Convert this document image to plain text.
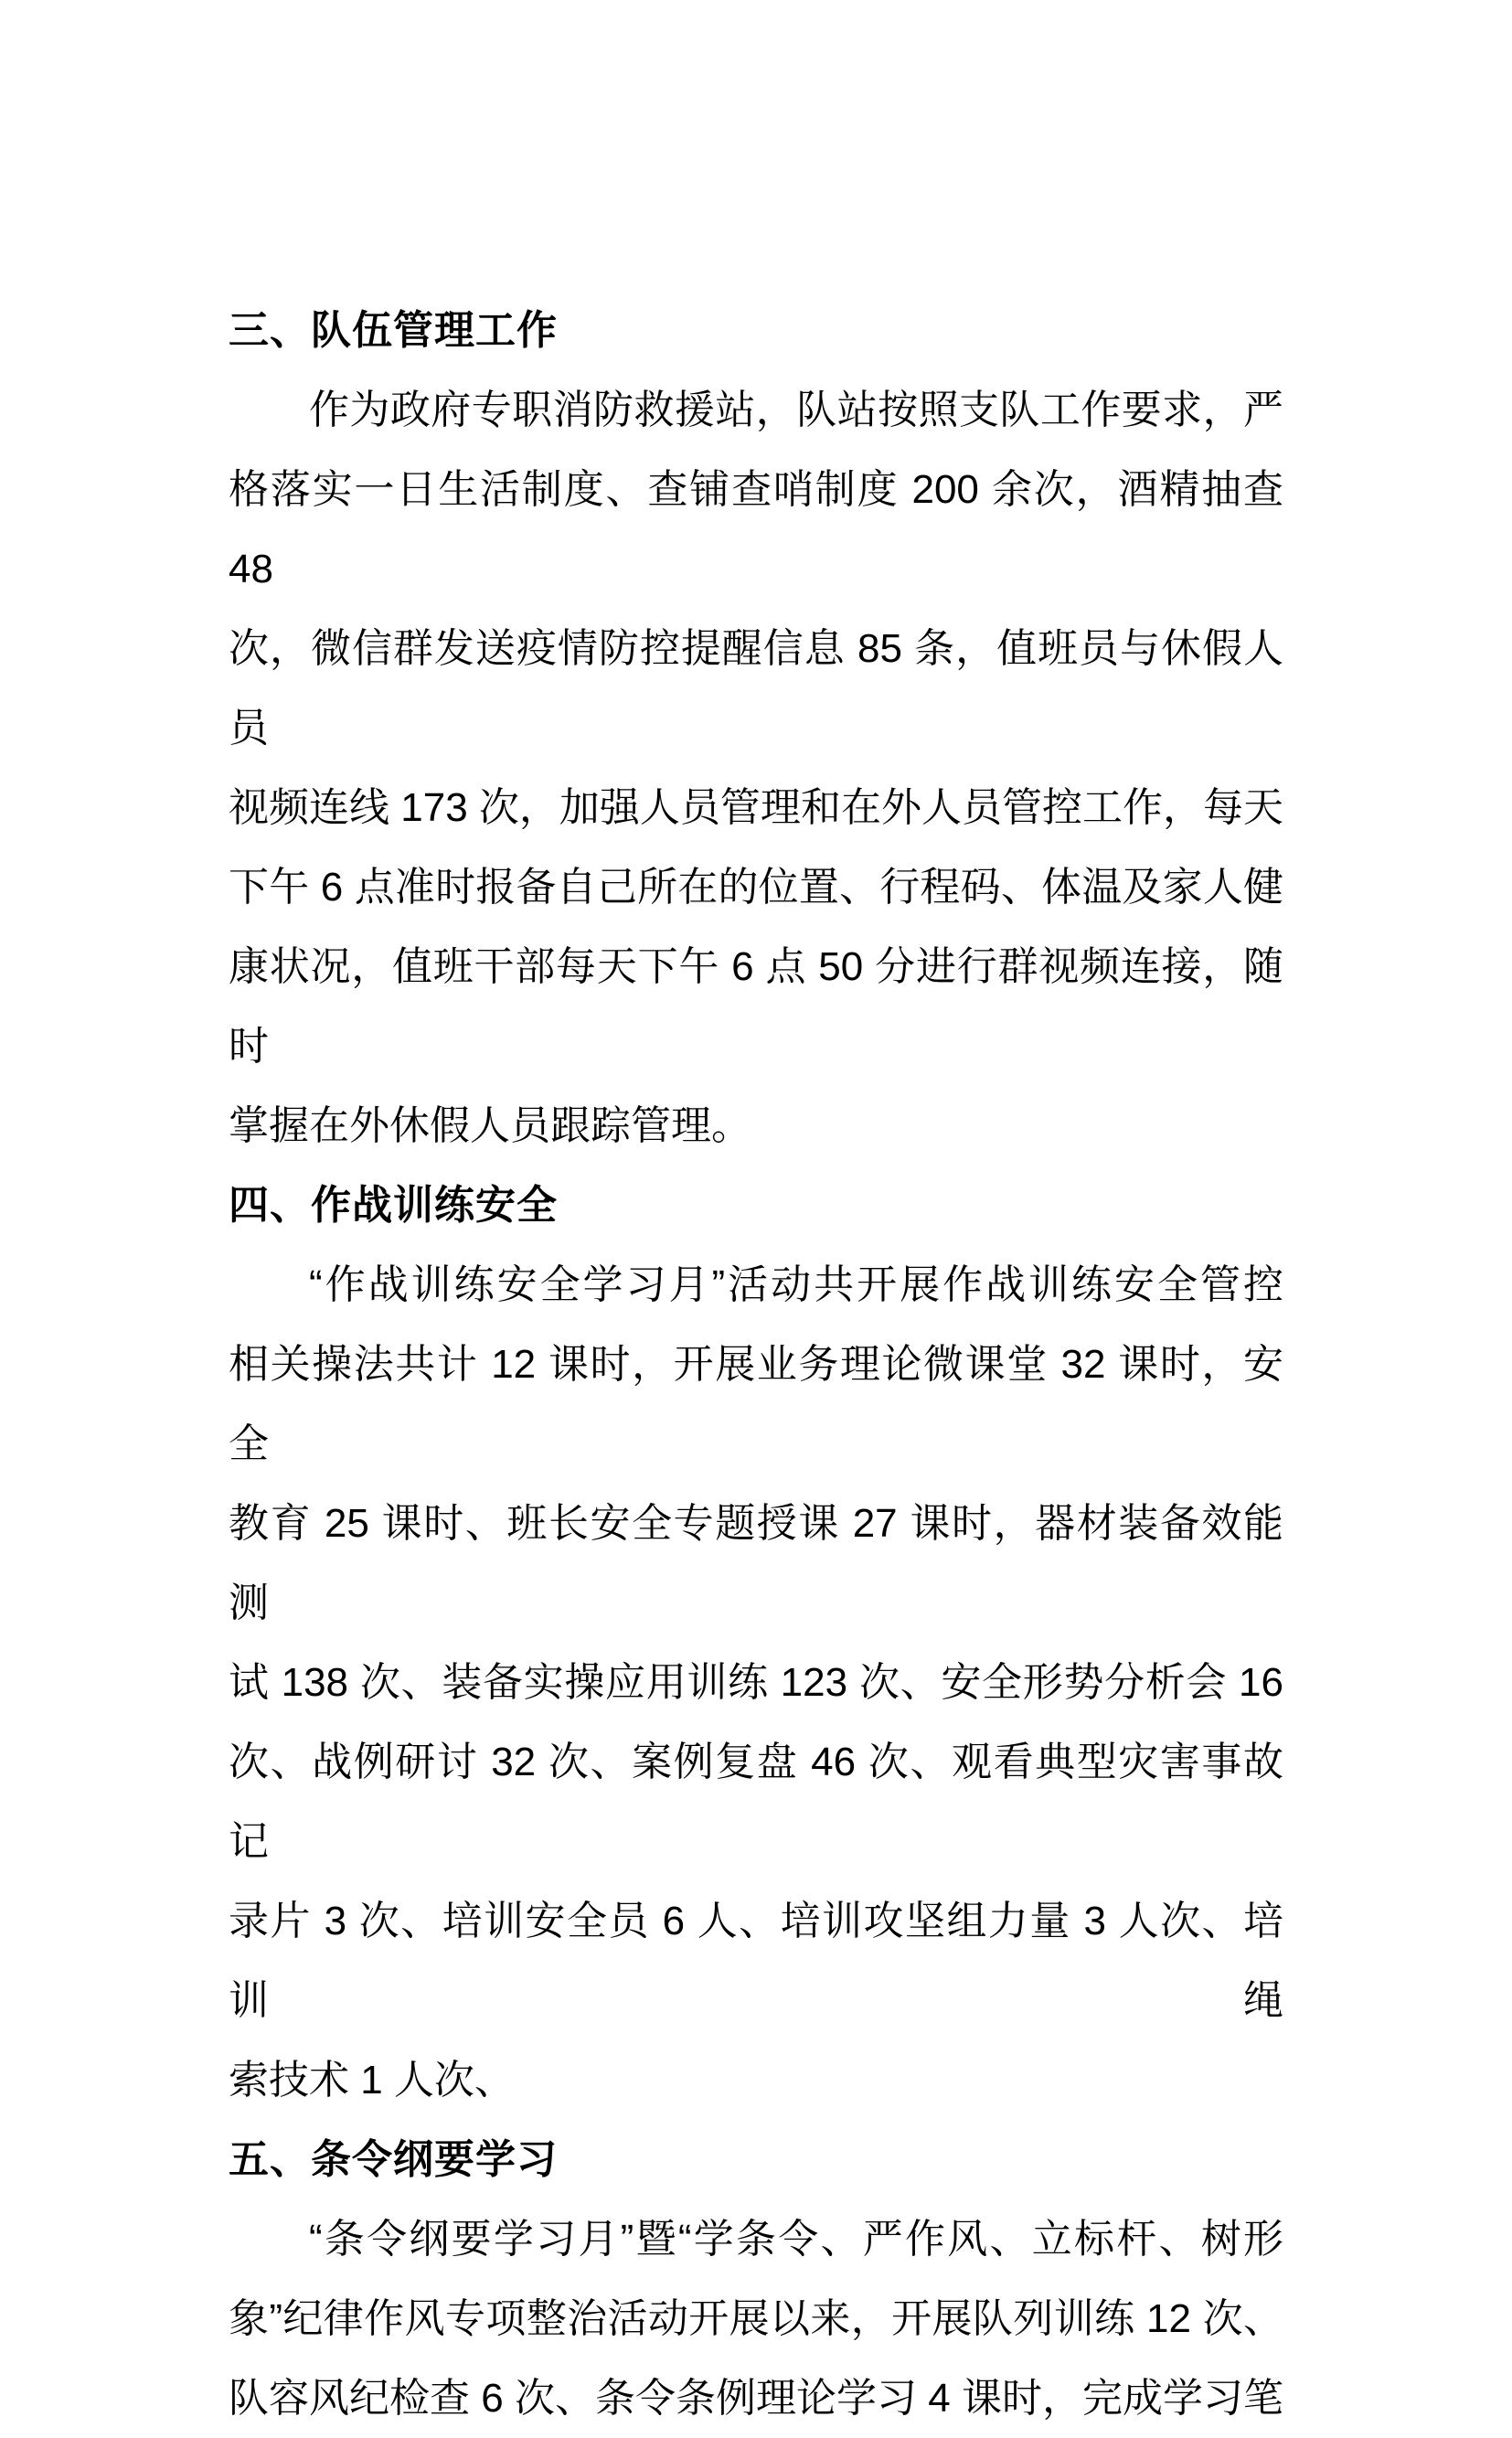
三、队伍管理工作
作为政府专职消防救援站，队站按照支队工作要求，严
格落实一日生活制度、查铺查哨制度 200 余次，酒精抽查 48
次，微信群发送疫情防控提醒信息 85 条，值班员与休假人员
视频连线 173 次，加强人员管理和在外人员管控工作，每天
下午 6 点准时报备自己所在的位置、行程码、体温及家人健
康状况，值班干部每天下午 6 点 50 分进行群视频连接，随时
掌握在外休假人员跟踪管理。
四、作战训练安全
“作战训练安全学习月”活动共开展作战训练安全管控
相关操法共计 12 课时，开展业务理论微课堂 32 课时，安全
教育 25 课时、班长安全专题授课 27 课时，器材装备效能测
试 138 次、装备实操应用训练 123 次、安全形势分析会 16
次、战例研讨 32 次、案例复盘 46 次、观看典型灾害事故记
录片 3 次、培训安全员 6 人、培训攻坚组力量 3 人次、培训绳
索技术 1 人次、
五、条令纲要学习
“条令纲要学习月”暨“学条令、严作风、立标杆、树形
象”纪律作风专项整治活动开展以来，开展队列训练 12 次、
队容风纪检查 6 次、条令条例理论学习 4 课时，完成学习笔
